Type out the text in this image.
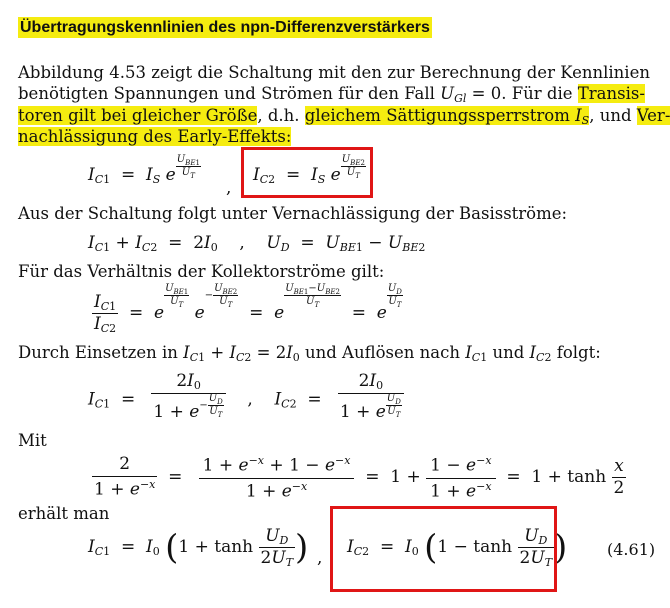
Übertragungskennlinien des npn-Differenzverstärkers
Abbildung 4.53 zeigt die Schaltung mit den zur Berechnung der Kennlinien
benötigten Spannungen und Strömen für den Fall $U_{Gl} = 0$. Für die Transis-
toren gilt bei gleicher Größe, d.h. gleichem Sättigungssperrstrom $I_S$, und Ver-
nachlässigung des Early-Effekts:
$I_{C1} = I_S$ e $\frac{U_{BE1}}{U_T}$
,
$I_{C2} = I_S$ e $\frac{U_{BE2}}{U_T}$
Aus der Schaltung folgt unter Vernachlässigung der Basisströme:
$I_{C1} + I_{C2} = 2I_0$    ,    $U_D = U_{BE1} - U_{BE2}$
Für das Verhältnis der Kollektorströme gilt:
$\frac{I_{C1}}{I_{C2}} = e$
$\frac{U_{BE1}}{U_T}$
$e- \frac{U_{BE2}}{U_T}$
=  e
$\frac{U_{BE1}-U_{BE2}}{U_T}$
=  e
$\frac{U_D}{U_T}$
Durch Einsetzen in $I_{C1} + I_{C2} = 2I_0$ und Auflösen nach $I_{C1}$ und $I_{C2}$ folgt:
$I_{C1} = \frac{2I_0}{1 + e- \frac{U_D}{U_T}}$ ,    $I_{C2} = \frac{2I_0}{1 + e \frac{U_D}{U_T}}$
Mit
$\frac{2}{1 + e^{-x}} = \frac{1 + e^{-x} + 1 - e^{-x}}{1 + e^{-x}} = 1 + \frac{1 - e^{-x}}{1 + e^{-x}} = 1 + \tanh \frac{x}{2}$
erhält man
$I_{C1} = I_0$ ($1 + \tanh \frac{U_D}{2U_T}$ ) ,
$I_{C2} = I_0$ ($1 - \tanh \frac{U_D}{2U_T}$ ) (4.61)
